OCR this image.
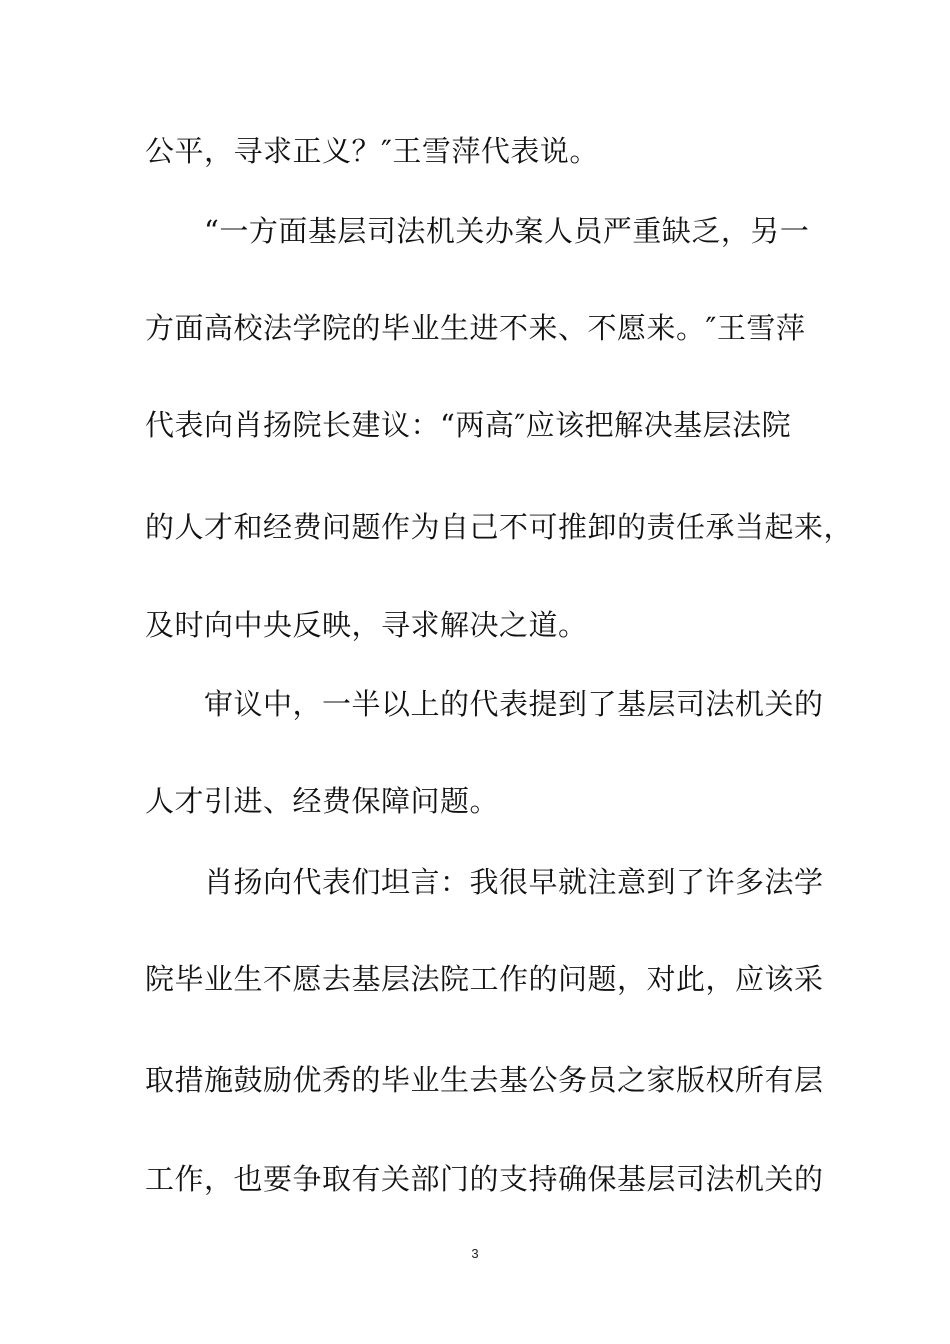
公平，寻求正义？″王雪萍代表说。
　　“一方面基层司法机关办案人员严重缺乏，另一
方面高校法学院的毕业生进不来、不愿来。″王雪萍
代表向肖扬院长建议：“两高″应该把解决基层法院
的人才和经费问题作为自己不可推卸的责任承当起来，
及时向中央反映，寻求解决之道。
　　审议中，一半以上的代表提到了基层司法机关的
人才引进、经费保障问题。
　　肖扬向代表们坦言：我很早就注意到了许多法学
院毕业生不愿去基层法院工作的问题，对此，应该采
取措施鼓励优秀的毕业生去基公务员之家版权所有层
工作，也要争取有关部门的支持确保基层司法机关的
3
